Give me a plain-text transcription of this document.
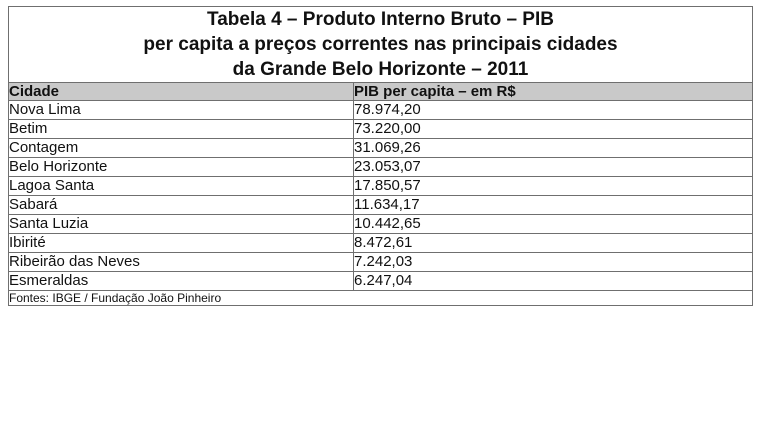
Tabela 4 – Produto Interno Bruto – PIB
per capita a preços correntes nas principais cidades
da Grande Belo Horizonte – 2011	

Cidade	PIB per capita – em R$
Nova Lima	78.974,20
Betim	73.220,00
Contagem	31.069,26
Belo Horizonte	23.053,07
Lagoa Santa	17.850,57
Sabará	11.634,17
Santa Luzia	10.442,65
Ibirité	8.472,61
Ribeirão das Neves	7.242,03
Esmeraldas	6.247,04
Fontes: IBGE / Fundação João Pinheiro	
